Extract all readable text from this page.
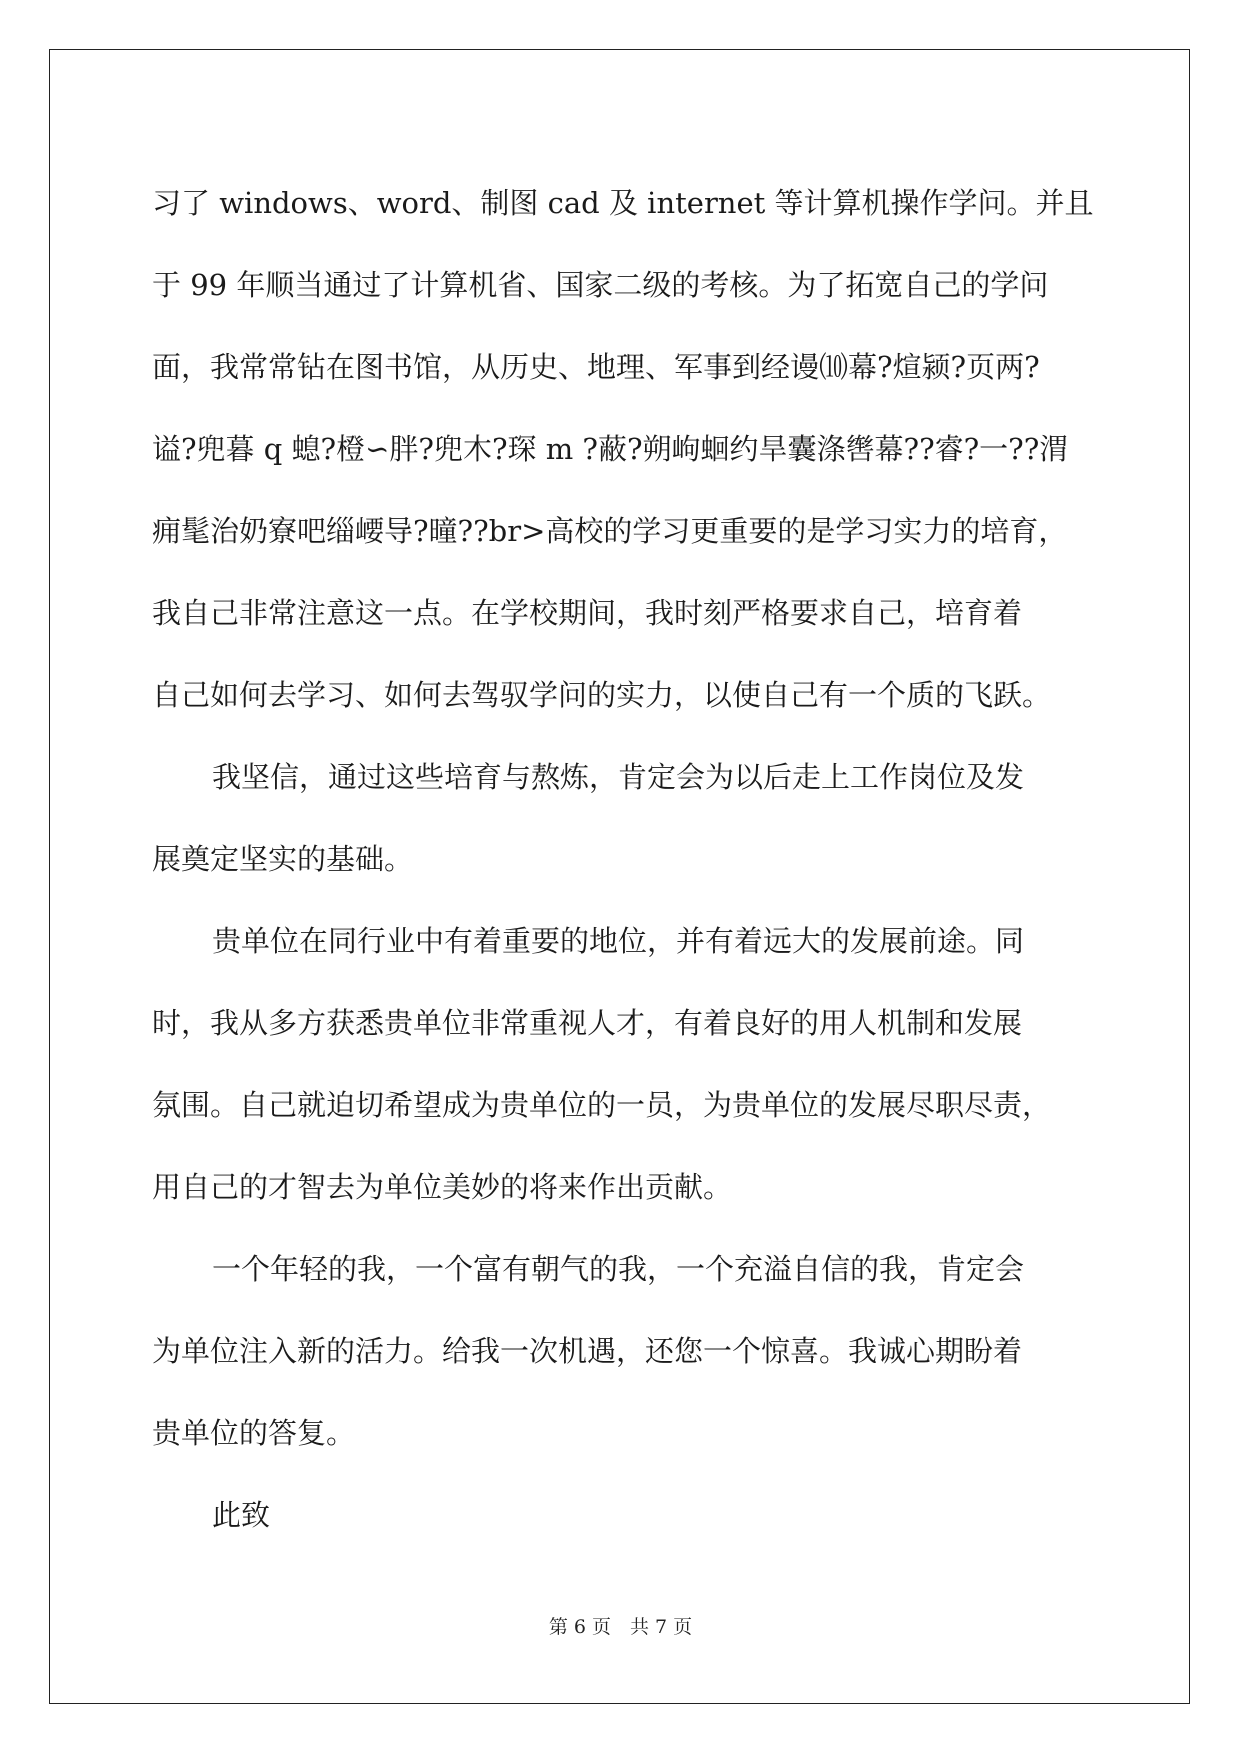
习了 windows、word、制图 cad 及 internet 等计算机操作学问。并且
于 99 年顺当通过了计算机省、国家二级的考核。为了拓宽自己的学问
面，我常常钻在图书馆，从历史、地理、军事到经谩⑽幕?煊颍?页两?
谥?兜暮 q 螅?橙∽胖?兜木?琛 m ?蔽?朔岣蛔约旱囊涤辔幕??睿?一??渭
痈髦治奶寮吧缁崾导?曈??br>高校的学习更重要的是学习实力的培育，
我自己非常注意这一点。在学校期间，我时刻严格要求自己，培育着
自己如何去学习、如何去驾驭学问的实力，以使自己有一个质的飞跃。
我坚信，通过这些培育与熬炼，肯定会为以后走上工作岗位及发
展奠定坚实的基础。
贵单位在同行业中有着重要的地位，并有着远大的发展前途。同
时，我从多方获悉贵单位非常重视人才，有着良好的用人机制和发展
氛围。自己就迫切希望成为贵单位的一员，为贵单位的发展尽职尽责，
用自己的才智去为单位美妙的将来作出贡献。
一个年轻的我，一个富有朝气的我，一个充溢自信的我，肯定会
为单位注入新的活力。给我一次机遇，还您一个惊喜。我诚心期盼着
贵单位的答复。
此致
第 6 页　共 7 页
